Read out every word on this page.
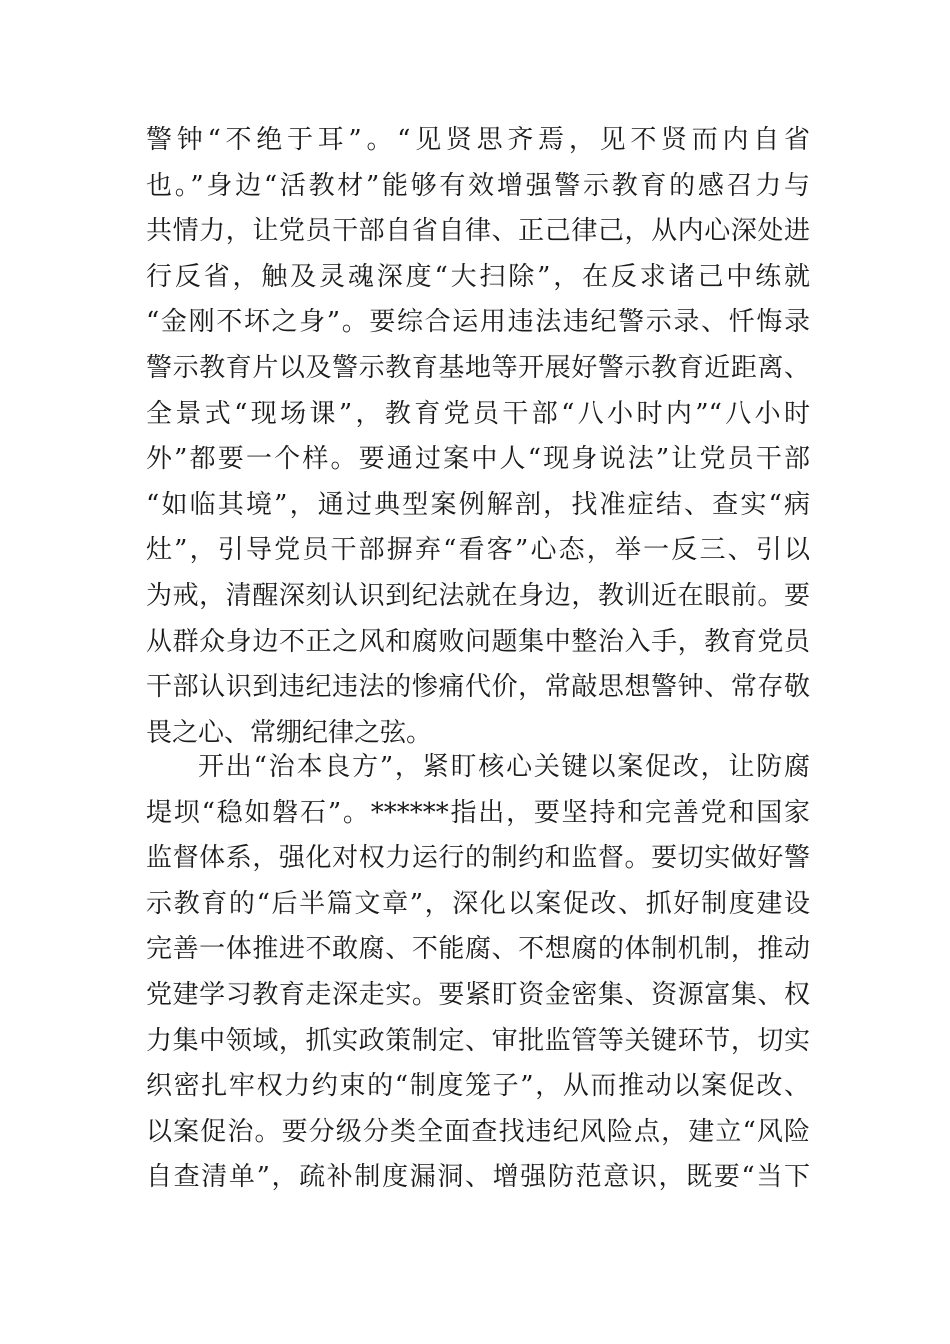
警钟“不绝于耳”。“见贤思齐焉，见不贤而内自省
也。”身边“活教材”能够有效增强警示教育的感召力与
共情力，让党员干部自省自律、正己律己，从内心深处进
行反省，触及灵魂深度“大扫除”，在反求诸己中练就
“金刚不坏之身”。要综合运用违法违纪警示录、忏悔录
警示教育片以及警示教育基地等开展好警示教育近距离、
全景式“现场课”，教育党员干部“八小时内”“八小时
外”都要一个样。要通过案中人“现身说法”让党员干部
“如临其境”，通过典型案例解剖，找准症结、查实“病
灶”，引导党员干部摒弃“看客”心态，举一反三、引以
为戒，清醒深刻认识到纪法就在身边，教训近在眼前。要
从群众身边不正之风和腐败问题集中整治入手，教育党员
干部认识到违纪违法的惨痛代价，常敲思想警钟、常存敬
畏之心、常绷纪律之弦。
开出“治本良方”，紧盯核心关键以案促改，让防腐
堤坝“稳如磐石”。******指出，要坚持和完善党和国家
监督体系，强化对权力运行的制约和监督。要切实做好警
示教育的“后半篇文章”，深化以案促改、抓好制度建设
完善一体推进不敢腐、不能腐、不想腐的体制机制，推动
党建学习教育走深走实。要紧盯资金密集、资源富集、权
力集中领域，抓实政策制定、审批监管等关键环节，切实
织密扎牢权力约束的“制度笼子”，从而推动以案促改、
以案促治。要分级分类全面查找违纪风险点，建立“风险
自查清单”，疏补制度漏洞、增强防范意识，既要“当下
